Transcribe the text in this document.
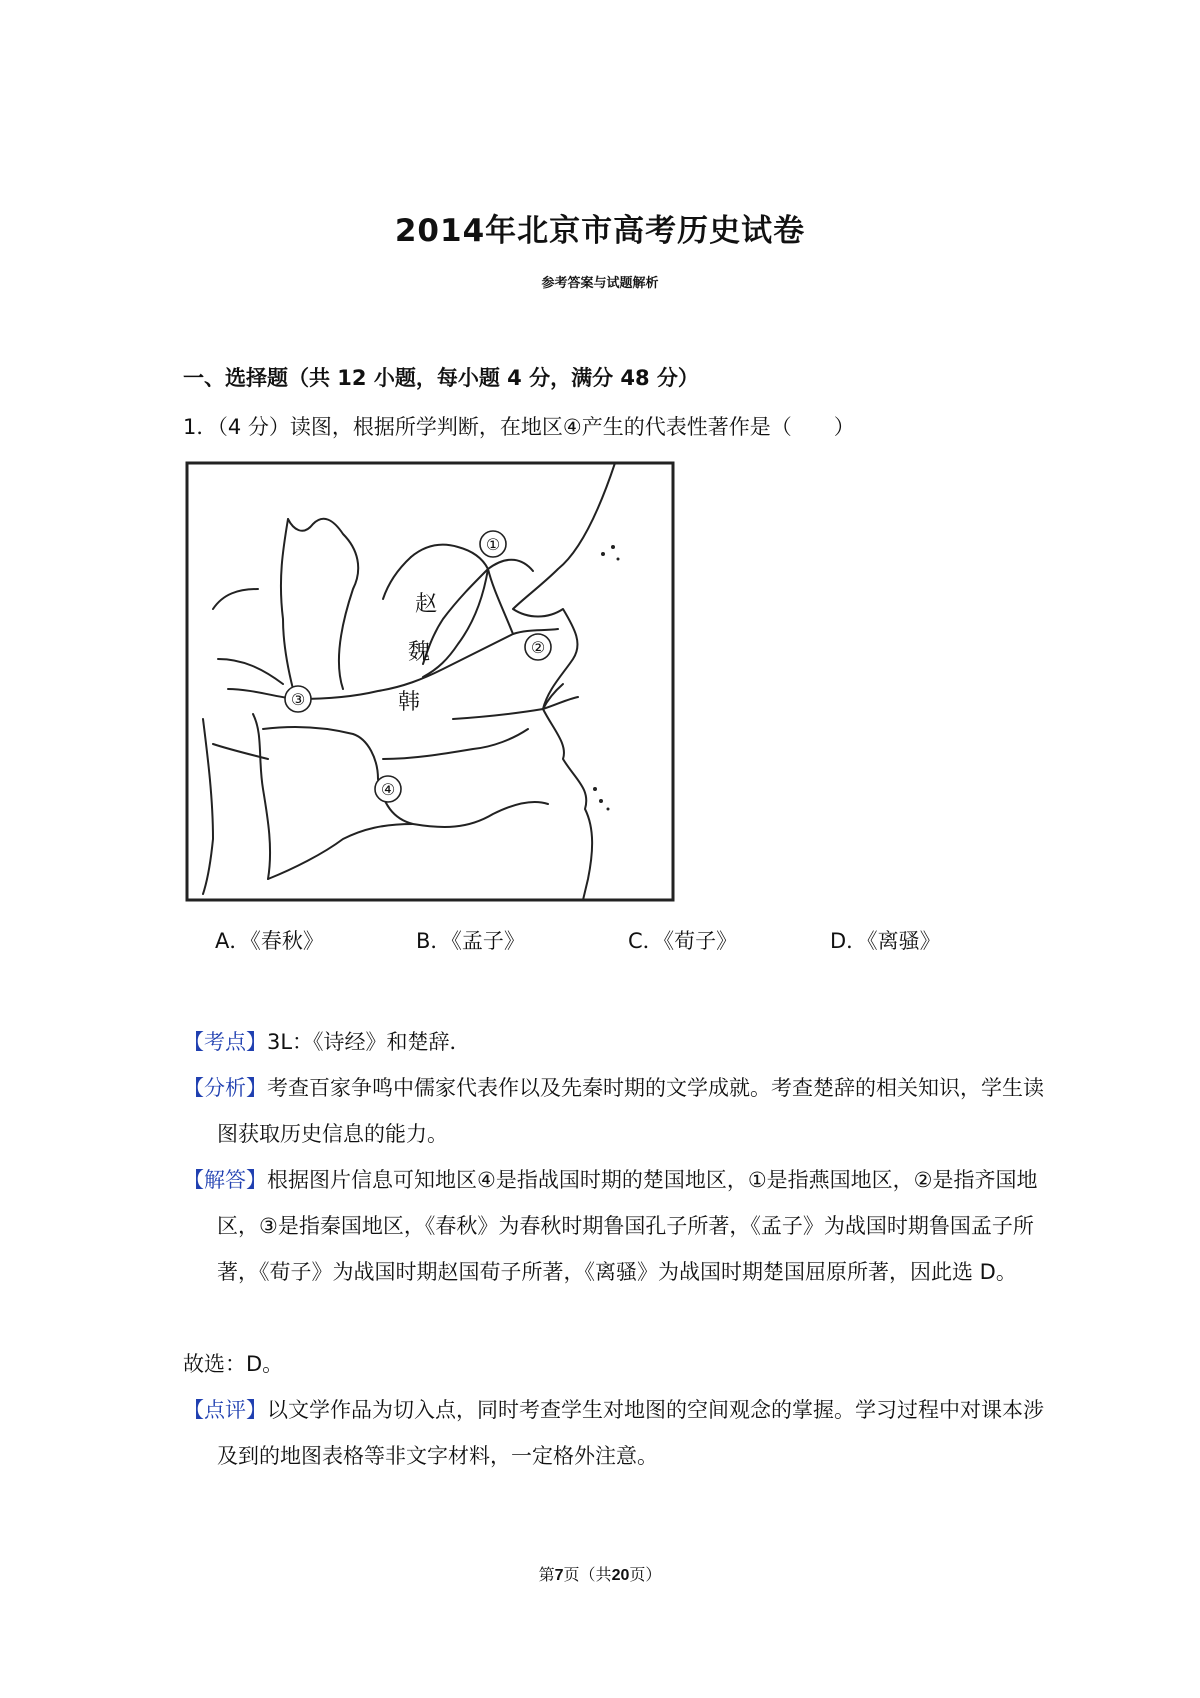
2014年北京市高考历史试卷
参考答案与试题解析
一、选择题（共 12 小题，每小题 4 分，满分 48 分）
1．（4 分）读图，根据所学判断，在地区④产生的代表性著作是（　　）
①
②
③
④
赵
魏
韩
A．《春秋》	B．《孟子》	C．《荀子》	D．《离骚》
【考点】3L：《诗经》和楚辞．
【分析】考查百家争鸣中儒家代表作以及先秦时期的文学成就。考查楚辞的相关知识，学生读图获取历史信息的能力。
【解答】根据图片信息可知地区④是指战国时期的楚国地区，①是指燕国地区，②是指齐国地区，③是指秦国地区，《春秋》为春秋时期鲁国孔子所著，《孟子》为战国时期鲁国孟子所著，《荀子》为战国时期赵国荀子所著，《离骚》为战国时期楚国屈原所著，因此选 D。
故选：D。
【点评】以文学作品为切入点，同时考查学生对地图的空间观念的掌握。学习过程中对课本涉及到的地图表格等非文字材料，一定格外注意。
第7页（共20页）
